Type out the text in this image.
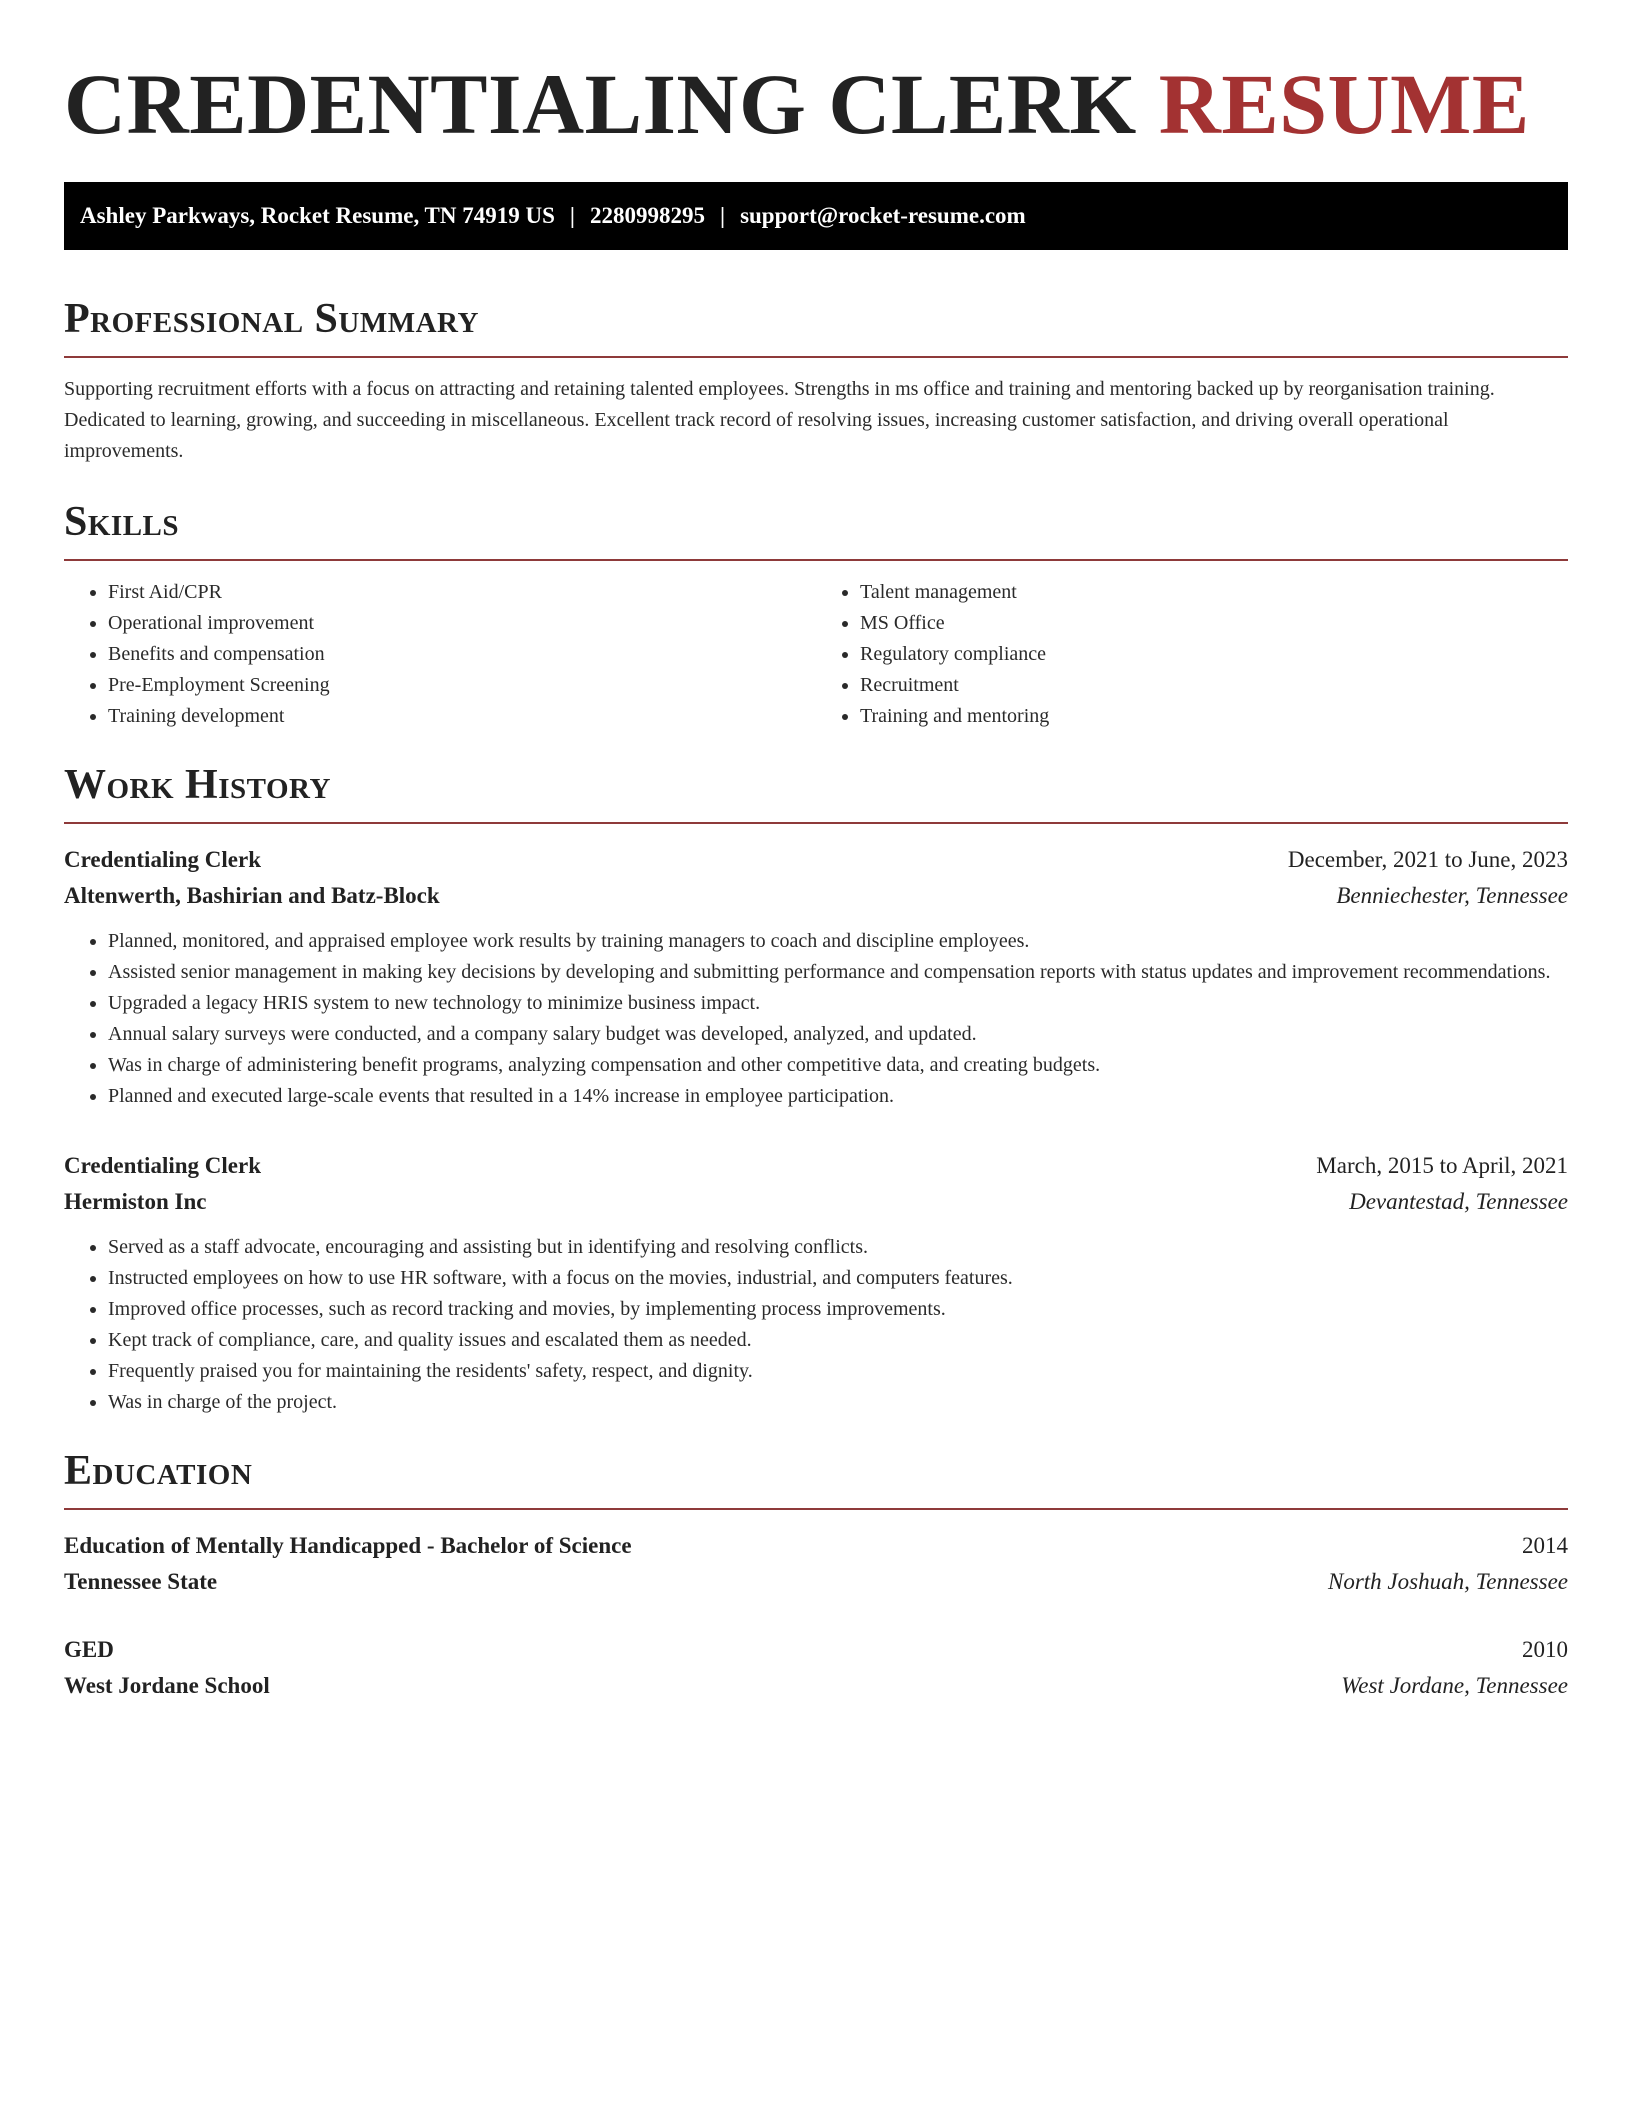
CREDENTIALING CLERK RESUME
Ashley Parkways, Rocket Resume, TN 74919 US | 2280998295 | support@rocket-resume.com
Professional Summary

Supporting recruitment efforts with a focus on attracting and retaining talented employees. Strengths in ms office and training and mentoring backed up by reorganisation training. Dedicated to learning, growing, and succeeding in miscellaneous. Excellent track record of resolving issues, increasing customer satisfaction, and driving overall operational improvements.

Skills
• First Aid/CPR
• Operational improvement
• Benefits and compensation
• Pre-Employment Screening
• Training development
• Talent management
• MS Office
• Regulatory compliance
• Recruitment
• Training and mentoring
Work History
Credentialing Clerk	December, 2021 to June, 2023
Altenwerth, Bashirian and Batz-Block	Benniechester, Tennessee
• Planned, monitored, and appraised employee work results by training managers to coach and discipline employees.
• Assisted senior management in making key decisions by developing and submitting performance and compensation reports with status updates and improvement recommendations.
• Upgraded a legacy HRIS system to new technology to minimize business impact.
• Annual salary surveys were conducted, and a company salary budget was developed, analyzed, and updated.
• Was in charge of administering benefit programs, analyzing compensation and other competitive data, and creating budgets.
• Planned and executed large-scale events that resulted in a 14% increase in employee participation.
Credentialing Clerk	March, 2015 to April, 2021
Hermiston Inc	Devantestad, Tennessee
• Served as a staff advocate, encouraging and assisting but in identifying and resolving conflicts.
• Instructed employees on how to use HR software, with a focus on the movies, industrial, and computers features.
• Improved office processes, such as record tracking and movies, by implementing process improvements.
• Kept track of compliance, care, and quality issues and escalated them as needed.
• Frequently praised you for maintaining the residents' safety, respect, and dignity.
• Was in charge of the project.
Education
Education of Mentally Handicapped - Bachelor of Science	2014
Tennessee State	North Joshuah, Tennessee
GED	2010
West Jordane School	West Jordane, Tennessee
